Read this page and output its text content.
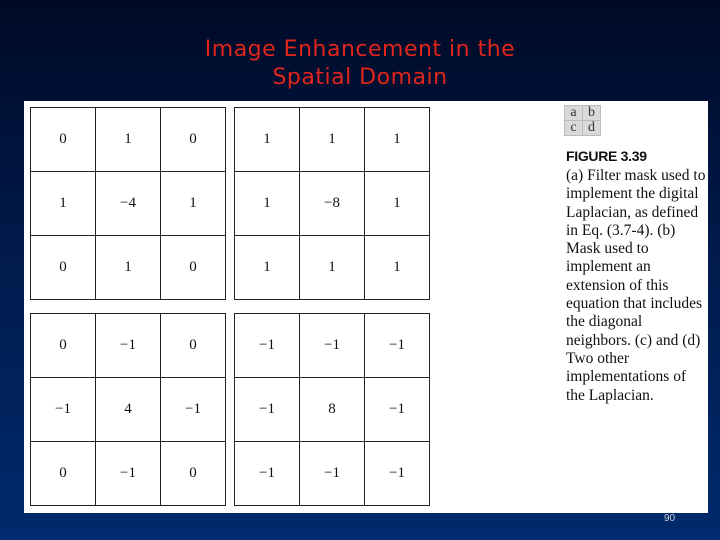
Image Enhancement in the
Spatial Domain
0	1	0
1	−4	1
0	1	0
1	1	1
1	−8	1
1	1	1
0	−1	0
−1	4	−1
0	−1	0
−1	−1	−1
−1	8	−1
−1	−1	−1
a	b
c	d
FIGURE 3.39
(a) Filter mask used to implement the digital Laplacian, as defined in Eq. (3.7-4). (b) Mask used to implement an extension of this equation that includes the diagonal neighbors. (c) and (d) Two other implementations of the Laplacian.
90
